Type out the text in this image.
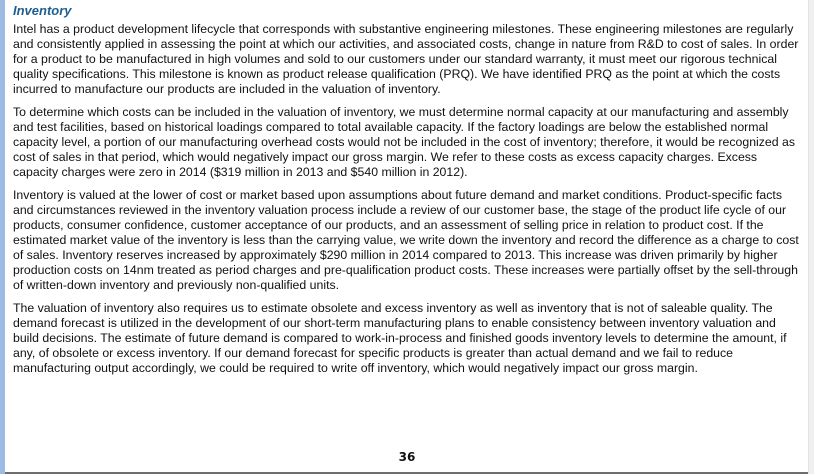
Inventory

Intel has a product development lifecycle that corresponds with substantive engineering milestones. These engineering milestones are regularly and consistently applied in assessing the point at which our activities, and associated costs, change in nature from R&D to cost of sales. In order for a product to be manufactured in high volumes and sold to our customers under our standard warranty, it must meet our rigorous technical quality specifications. This milestone is known as product release qualification (PRQ). We have identified PRQ as the point at which the costs incurred to manufacture our products are included in the valuation of inventory.

To determine which costs can be included in the valuation of inventory, we must determine normal capacity at our manufacturing and assembly and test facilities, based on historical loadings compared to total available capacity. If the factory loadings are below the established normal capacity level, a portion of our manufacturing overhead costs would not be included in the cost of inventory; therefore, it would be recognized as cost of sales in that period, which would negatively impact our gross margin. We refer to these costs as excess capacity charges. Excess capacity charges were zero in 2014 ($319 million in 2013 and $540 million in 2012).

Inventory is valued at the lower of cost or market based upon assumptions about future demand and market conditions. Product-specific facts and circumstances reviewed in the inventory valuation process include a review of our customer base, the stage of the product life cycle of our products, consumer confidence, customer acceptance of our products, and an assessment of selling price in relation to product cost. If the estimated market value of the inventory is less than the carrying value, we write down the inventory and record the difference as a charge to cost of sales. Inventory reserves increased by approximately $290 million in 2014 compared to 2013. This increase was driven primarily by higher production costs on 14nm treated as period charges and pre-qualification product costs. These increases were partially offset by the sell-through of written-down inventory and previously non-qualified units.

The valuation of inventory also requires us to estimate obsolete and excess inventory as well as inventory that is not of saleable quality. The demand forecast is utilized in the development of our short-term manufacturing plans to enable consistency between inventory valuation and build decisions. The estimate of future demand is compared to work-in-process and finished goods inventory levels to determine the amount, if any, of obsolete or excess inventory. If our demand forecast for specific products is greater than actual demand and we fail to reduce manufacturing output accordingly, we could be required to write off inventory, which would negatively impact our gross margin.

36
